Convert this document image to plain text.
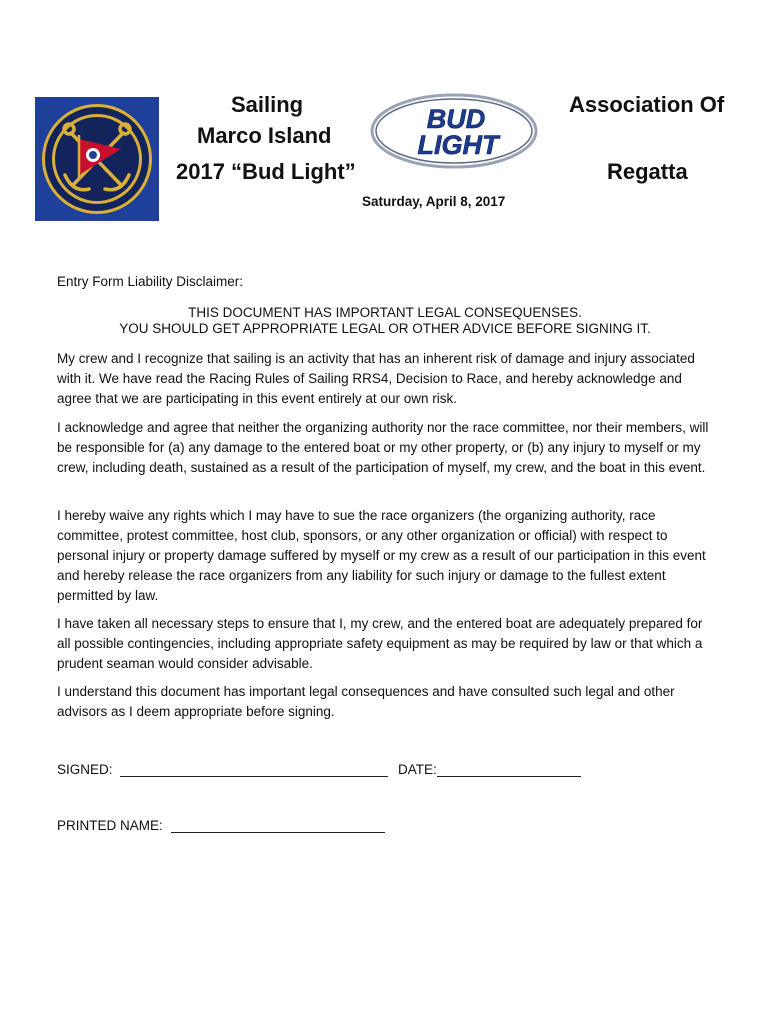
BUD
LIGHT
Sailing
Marco Island
2017 “Bud Light”
Association Of
Regatta
Saturday, April 8, 2017
Entry Form Liability Disclaimer:
THIS DOCUMENT HAS IMPORTANT LEGAL CONSEQUENSES.
YOU SHOULD GET APPROPRIATE LEGAL OR OTHER ADVICE BEFORE SIGNING IT.
My crew and I recognize that sailing is an activity that has an inherent risk of damage and injury associated with it. We have read the Racing Rules of Sailing RRS4, Decision to Race, and hereby acknowledge and agree that we are participating in this event entirely at our own risk.
I acknowledge and agree that neither the organizing authority nor the race committee, nor their members, will be responsible for (a) any damage to the entered boat or my other property, or (b) any injury to myself or my crew, including death, sustained as a result of the participation of myself, my crew, and the boat in this event.
I hereby waive any rights which I may have to sue the race organizers (the organizing authority, race committee, protest committee, host club, sponsors, or any other organization or official) with respect to personal injury or property damage suffered by myself or my crew as a result of our participation in this event and hereby release the race organizers from any liability for such injury or damage to the fullest extent permitted by law.
I have taken all necessary steps to ensure that I, my crew, and the entered boat are adequately prepared for all possible contingencies, including appropriate safety equipment as may be required by law or that which a prudent seaman would consider advisable.
I understand this document has important legal consequences and have consulted such legal and other advisors as I deem appropriate before signing.
SIGNED:	DATE:
PRINTED NAME:
